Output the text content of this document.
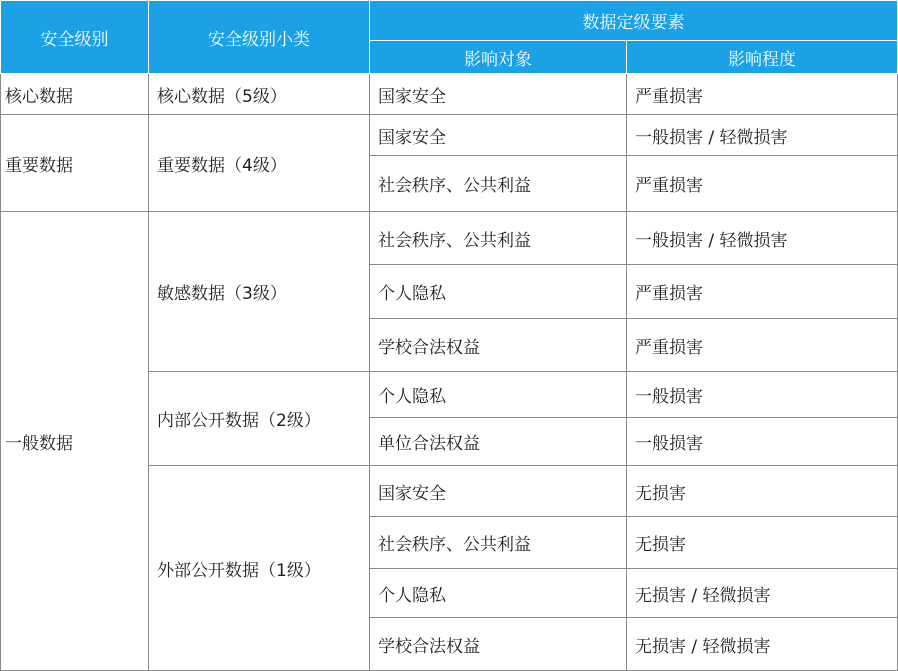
安全级别	安全级别小类	数据定级要素	
		影响对象	影响程度
核心数据	核心数据（5级）	国家安全	严重损害
重要数据	重要数据（4级）	国家安全	一般损害 / 轻微损害
		社会秩序、公共利益	严重损害
一般数据	敏感数据（3级）	社会秩序、公共利益	一般损害 / 轻微损害
		个人隐私	严重损害
		学校合法权益	严重损害
	内部公开数据（2级）	个人隐私	一般损害
		单位合法权益	一般损害
	外部公开数据（1级）	国家安全	无损害
		社会秩序、公共利益	无损害
		个人隐私	无损害 / 轻微损害
		学校合法权益	无损害 / 轻微损害
